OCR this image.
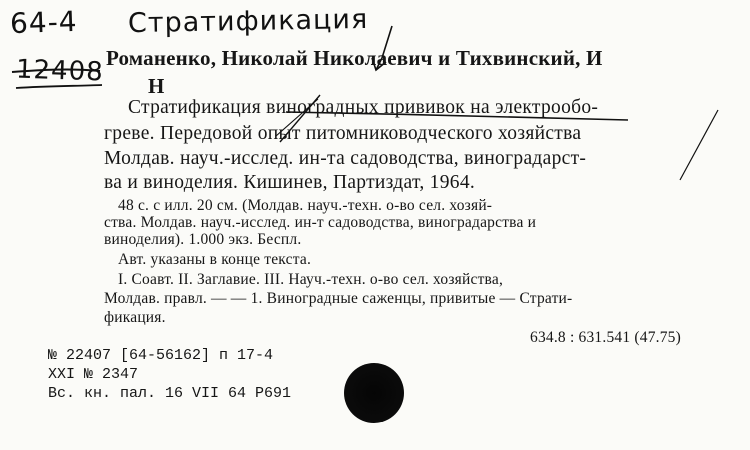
64-4 Стратификация
12408 Романенко, Николай Николаевич и Тихвинский, И
Н
Стратификация виноградных прививок на электрообо-
греве. Передовой опыт питомниководческого хозяйства
Молдав. науч.-исслед. ин-та садоводства, виноградарст-
ва и виноделия. Кишинев, Партиздат, 1964.
48 с. с илл. 20 см. (Молдав. науч.-техн. о-во сел. хозяй-
ства. Молдав. науч.-исслед. ин-т садоводства, виноградарства и
виноделия). 1.000 экз. Беспл.
Авт. указаны в конце текста.
I. Соавт. II. Заглавие. III. Науч.-техн. о-во сел. хозяйства,
Молдав. правл. — — 1. Виноградные саженцы, привитые — Страти-
фикация.
634.8 : 631.541 (47.75)
№ 22407 [64-56162] п 17-4
XXI № 2347
Вс. кн. пал. 16 VII 64 Р691
